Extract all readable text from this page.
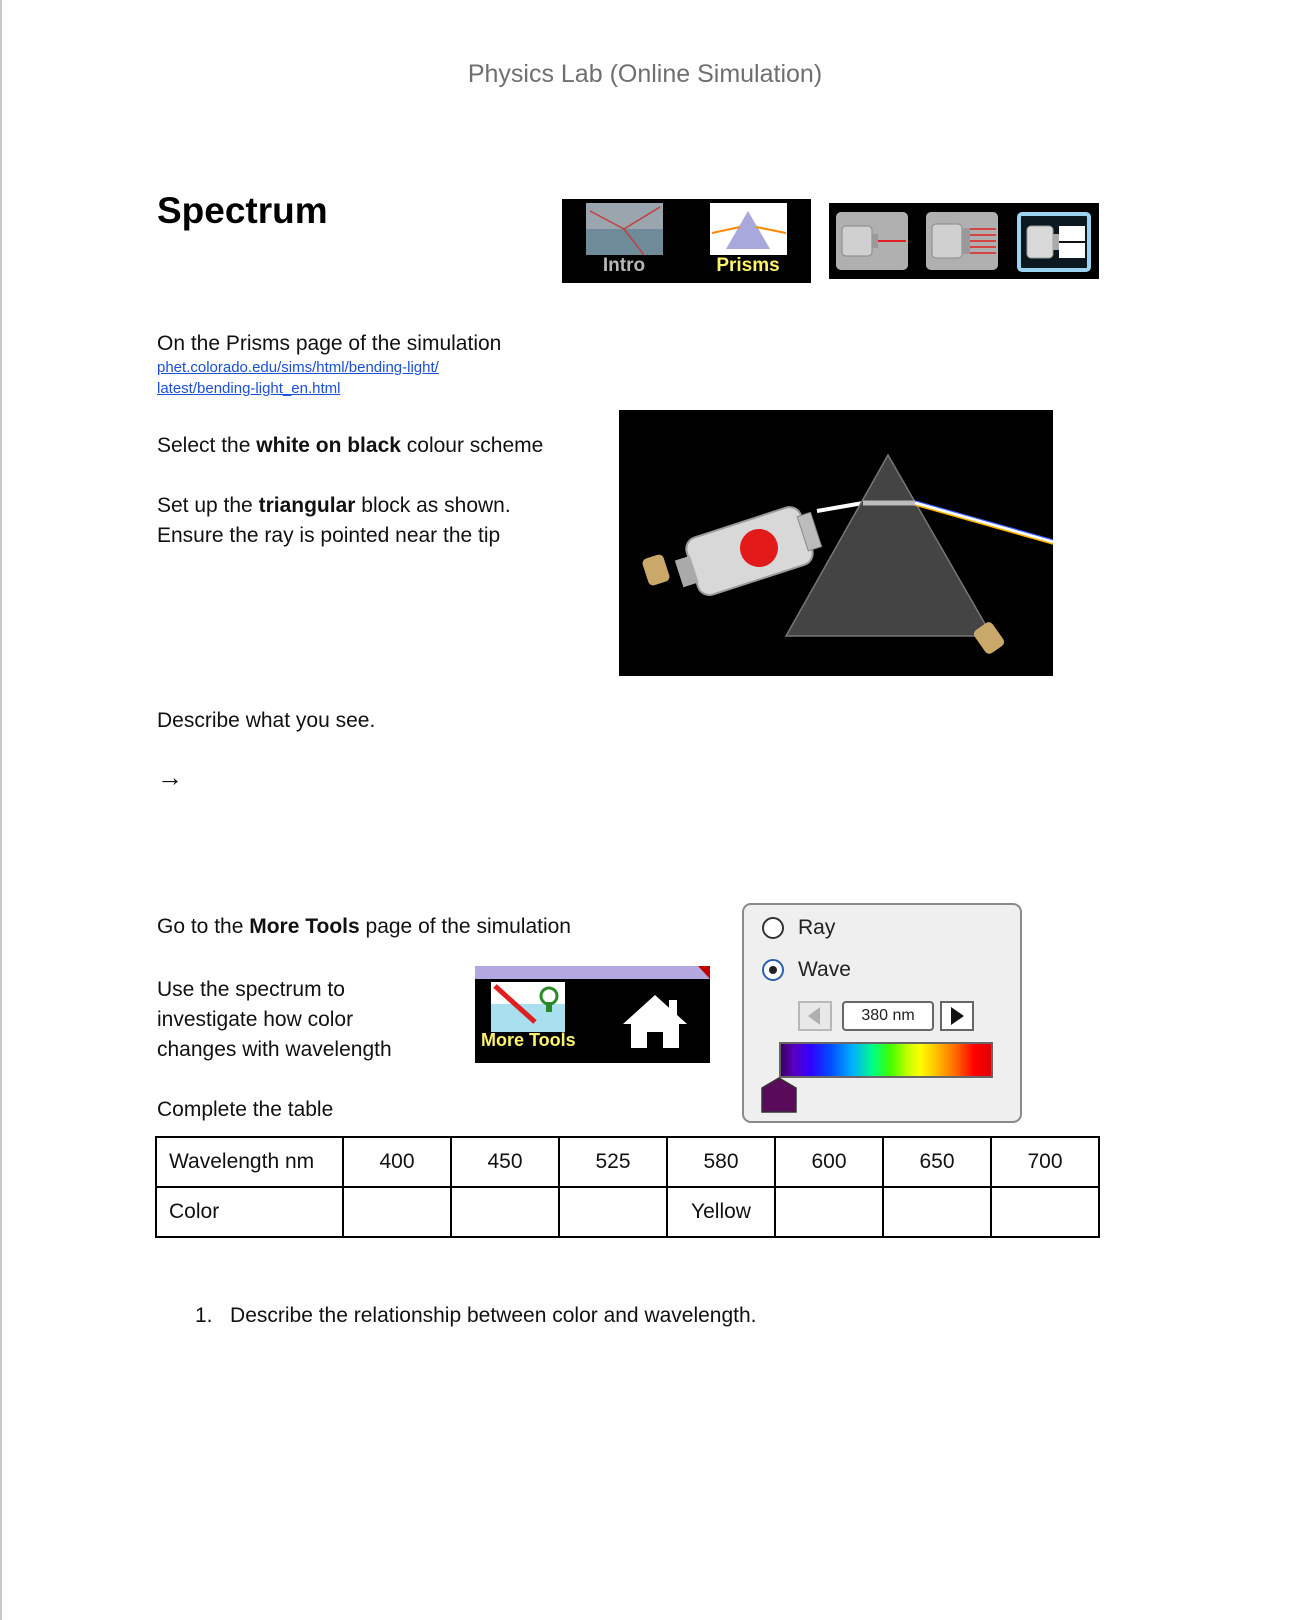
Physics Lab (Online Simulation)
Spectrum
Intro	Prisms
On the Prisms page of the simulation
phet.colorado.edu/sims/html/bending-light/
latest/bending-light_en.html
Select the white on black colour scheme
Set up the triangular block as shown.
Ensure the ray is pointed near the tip
Describe what you see.
→
Go to the More Tools page of the simulation
Use the spectrum to
investigate how color
changes with wavelength	More Tools
Complete the table
Ray
Wave
380 nm
Wavelength nm	400	450	525	580	600	650	700
Color				Yellow			
1. Describe the relationship between color and wavelength.
